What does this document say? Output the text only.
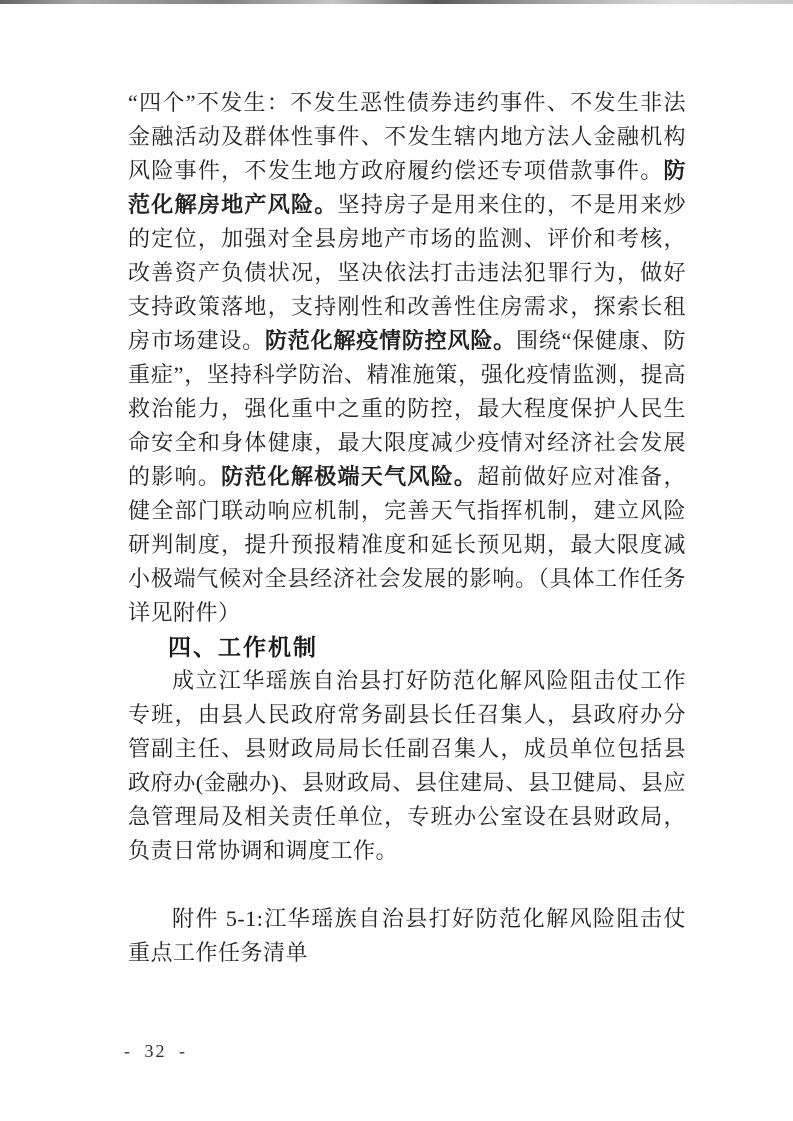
“四个”不发生：不发生恶性债券违约事件、不发生非法金融活动及群体性事件、不发生辖内地方法人金融机构风险事件，不发生地方政府履约偿还专项借款事件。防范化解房地产风险。坚持房子是用来住的，不是用来炒的定位，加强对全县房地产市场的监测、评价和考核，改善资产负债状况，坚决依法打击违法犯罪行为，做好支持政策落地，支持刚性和改善性住房需求，探索长租房市场建设。防范化解疫情防控风险。围绕“保健康、防重症”，坚持科学防治、精准施策，强化疫情监测，提高救治能力，强化重中之重的防控，最大程度保护人民生命安全和身体健康，最大限度减少疫情对经济社会发展的影响。防范化解极端天气风险。超前做好应对准备，健全部门联动响应机制，完善天气指挥机制，建立风险研判制度，提升预报精准度和延长预见期，最大限度减小极端气候对全县经济社会发展的影响。（具体工作任务详见附件）

四、工作机制

成立江华瑶族自治县打好防范化解风险阻击仗工作专班，由县人民政府常务副县长任召集人，县政府办分管副主任、县财政局局长任副召集人，成员单位包括县政府办(金融办)、县财政局、县住建局、县卫健局、县应急管理局及相关责任单位，专班办公室设在县财政局，负责日常协调和调度工作。

附件 5-1:江华瑶族自治县打好防范化解风险阻击仗重点工作任务清单

- 32 -
